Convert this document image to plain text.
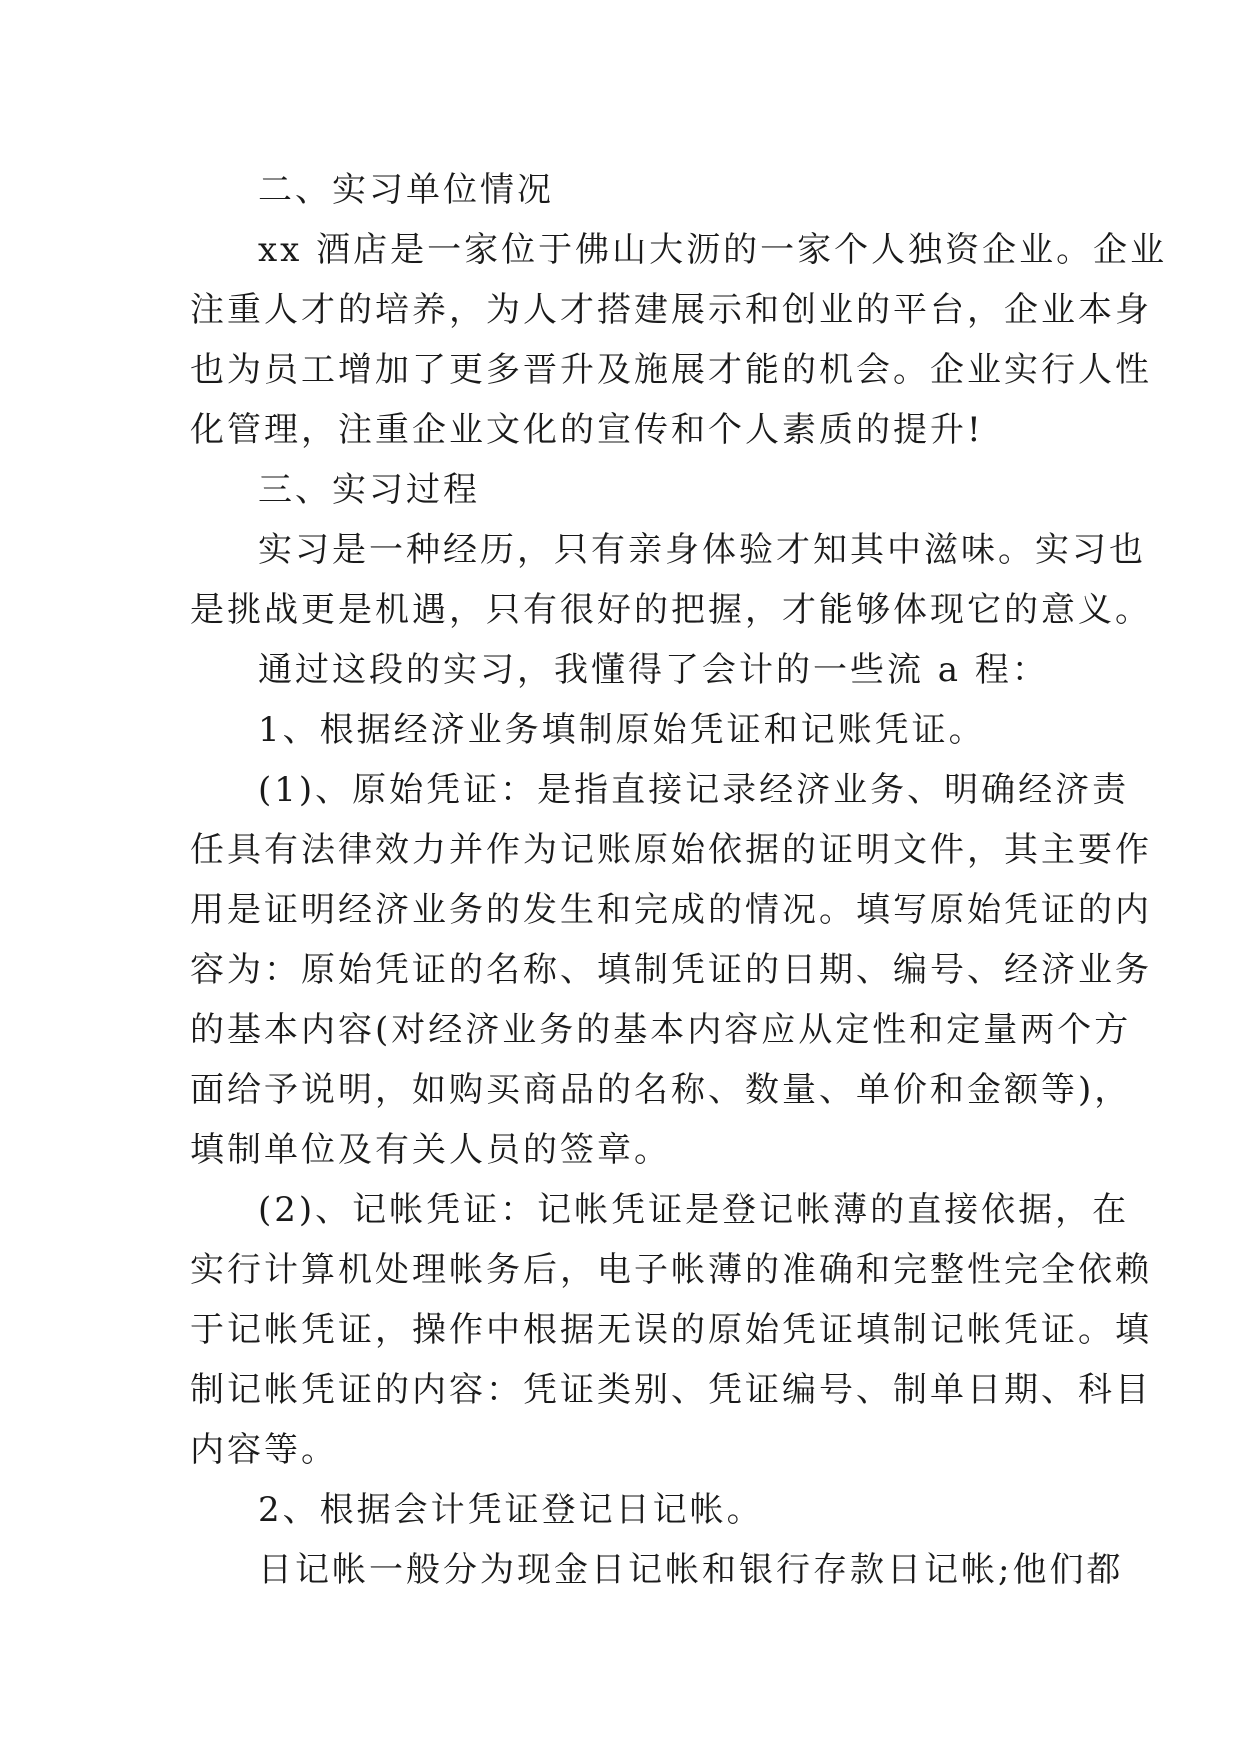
二、实习单位情况
xx 酒店是一家位于佛山大沥的一家个人独资企业。企业
注重人才的培养，为人才搭建展示和创业的平台，企业本身
也为员工增加了更多晋升及施展才能的机会。企业实行人性
化管理，注重企业文化的宣传和个人素质的提升!
三、实习过程
实习是一种经历，只有亲身体验才知其中滋味。实习也
是挑战更是机遇，只有很好的把握，才能够体现它的意义。
通过这段的实习，我懂得了会计的一些流 a 程：
1、根据经济业务填制原始凭证和记账凭证。
(1)、原始凭证：是指直接记录经济业务、明确经济责
任具有法律效力并作为记账原始依据的证明文件，其主要作
用是证明经济业务的发生和完成的情况。填写原始凭证的内
容为：原始凭证的名称、填制凭证的日期、编号、经济业务
的基本内容(对经济业务的基本内容应从定性和定量两个方
面给予说明，如购买商品的名称、数量、单价和金额等)，
填制单位及有关人员的签章。
(2)、记帐凭证：记帐凭证是登记帐薄的直接依据，在
实行计算机处理帐务后，电子帐薄的准确和完整性完全依赖
于记帐凭证，操作中根据无误的原始凭证填制记帐凭证。填
制记帐凭证的内容：凭证类别、凭证编号、制单日期、科目
内容等。
2、根据会计凭证登记日记帐。
日记帐一般分为现金日记帐和银行存款日记帐;他们都
